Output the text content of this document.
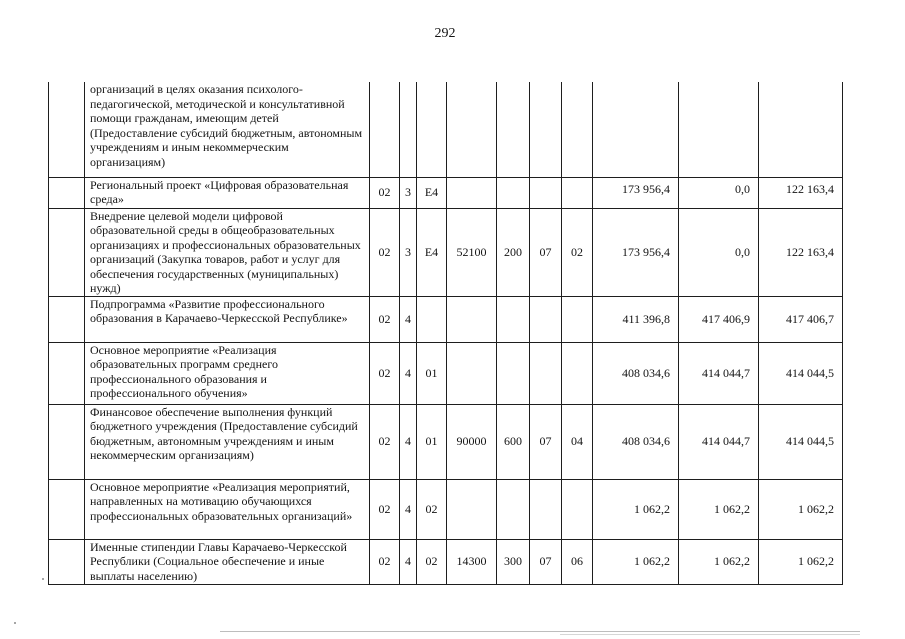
292
	организаций в целях оказания психолого-педагогической, методической и консультативной помощи гражданам, имеющим детей (Предоставление субсидий бюджетным, автономным учреждениям и иным некоммерческим организациям)										
	Региональный проект «Цифровая образовательная среда»	02	3	Е4					173 956,4	0,0	122 163,4
	Внедрение целевой модели цифровой образовательной среды в общеобразовательных организациях и профессиональных образовательных организаций (Закупка товаров, работ и услуг для обеспечения государственных (муниципальных) нужд)	02	3	Е4	52100	200	07	02	173 956,4	0,0	122 163,4
	Подпрограмма «Развитие профессионального образования в Карачаево-Черкесской Республике»	02	4						411 396,8	417 406,9	417 406,7
	Основное мероприятие «Реализация образовательных программ среднего профессионального образования и профессионального обучения»	02	4	01					408 034,6	414 044,7	414 044,5
	Финансовое обеспечение выполнения функций бюджетного учреждения (Предоставление субсидий бюджетным, автономным учреждениям и иным некоммерческим организациям)	02	4	01	90000	600	07	04	408 034,6	414 044,7	414 044,5
	Основное мероприятие «Реализация мероприятий, направленных на мотивацию обучающихся профессиональных образовательных организаций»	02	4	02					1 062,2	1 062,2	1 062,2
	Именные стипендии Главы Карачаево-Черкесской Республики (Социальное обеспечение и иные выплаты населению)	02	4	02	14300	300	07	06	1 062,2	1 062,2	1 062,2
